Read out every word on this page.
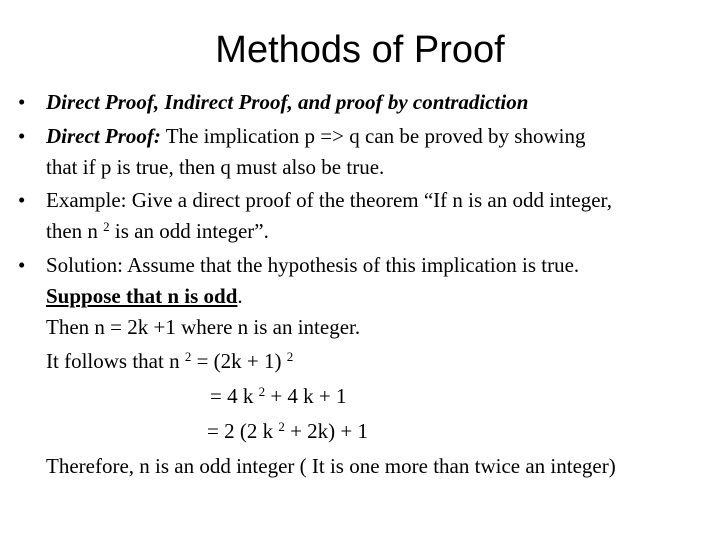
Methods of Proof
• Direct Proof, Indirect Proof, and proof by contradiction
• Direct Proof: The implication p => q can be proved by showing
that if p is true, then q must also be true.
• Example: Give a direct proof of the theorem “If n is an odd integer,
then n $^2$ is an odd integer”.
• Solution: Assume that the hypothesis of this implication is true.
Suppose that n is odd.
Then n = 2k +1 where n is an integer.
It follows that n $^2$ = (2k + 1) $^2$
= 4 k $^2$ + 4 k + 1
= 2 (2 k $^2$ + 2k) + 1
Therefore, n is an odd integer ( It is one more than twice an integer)
